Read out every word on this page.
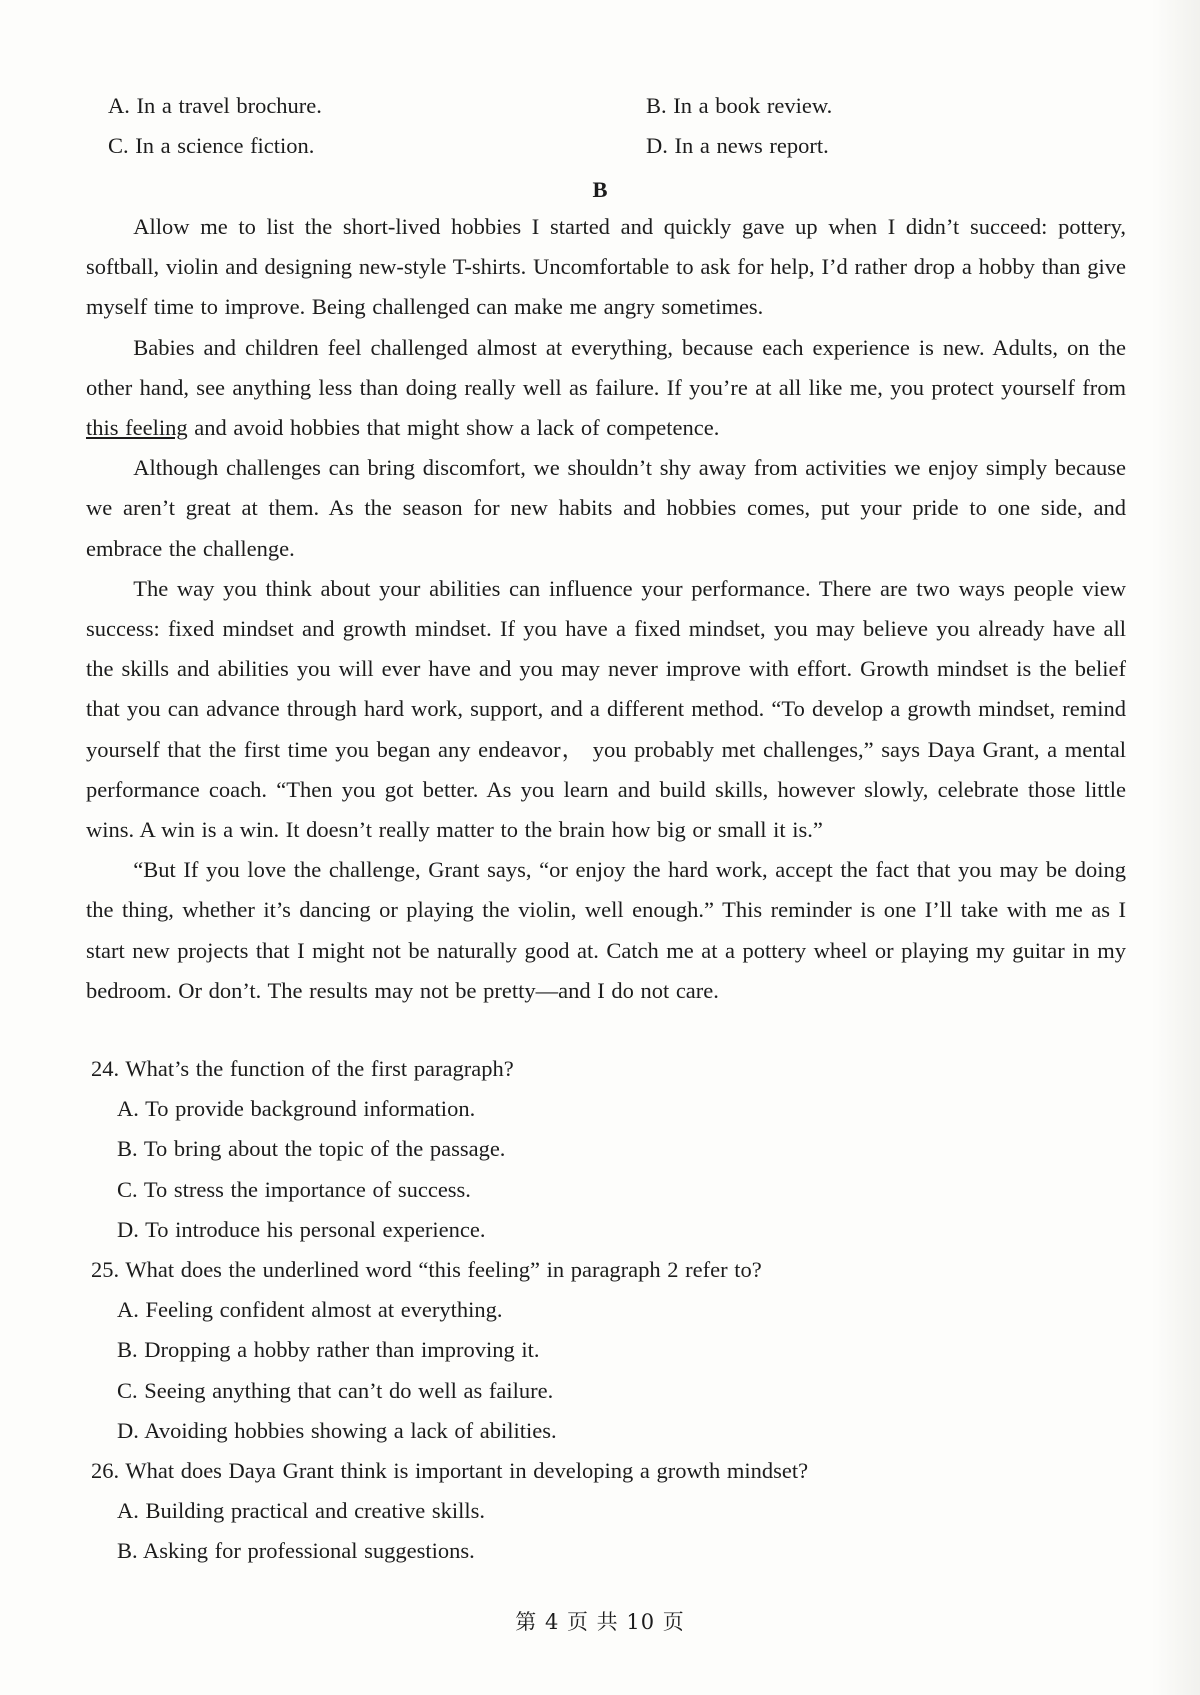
A. In a travel brochure.	B. In a book review.
C. In a science fiction.	D. In a news report.
B

Allow me to list the short-lived hobbies I started and quickly gave up when I didn’t succeed: pottery, softball, violin and designing new-style T-shirts. Uncomfortable to ask for help, I’d rather drop a hobby than give myself time to improve. Being challenged can make me angry sometimes.

Babies and children feel challenged almost at everything, because each experience is new. Adults, on the other hand, see anything less than doing really well as failure. If you’re at all like me, you protect yourself from this feeling and avoid hobbies that might show a lack of competence.

Although challenges can bring discomfort, we shouldn’t shy away from activities we enjoy simply because we aren’t great at them. As the season for new habits and hobbies comes, put your pride to one side, and embrace the challenge.

The way you think about your abilities can influence your performance. There are two ways people view success: fixed mindset and growth mindset. If you have a fixed mindset, you may believe you already have all the skills and abilities you will ever have and you may never improve with effort. Growth mindset is the belief that you can advance through hard work, support, and a different method. “To develop a growth mindset, remind yourself that the first time you began any endeavor， you probably met challenges,” says Daya Grant, a mental performance coach. “Then you got better. As you learn and build skills, however slowly, celebrate those little wins. A win is a win. It doesn’t really matter to the brain how big or small it is.”

“But If you love the challenge, Grant says, “or enjoy the hard work, accept the fact that you may be doing the thing, whether it’s dancing or playing the violin, well enough.” This reminder is one I’ll take with me as I start new projects that I might not be naturally good at. Catch me at a pottery wheel or playing my guitar in my bedroom. Or don’t. The results may not be pretty—and I do not care.

24. What’s the function of the first paragraph?

A. To provide background information.

B. To bring about the topic of the passage.

C. To stress the importance of success.

D. To introduce his personal experience.

25. What does the underlined word “this feeling” in paragraph 2 refer to?

A. Feeling confident almost at everything.

B. Dropping a hobby rather than improving it.

C. Seeing anything that can’t do well as failure.

D. Avoiding hobbies showing a lack of abilities.

26. What does Daya Grant think is important in developing a growth mindset?

A. Building practical and creative skills.

B. Asking for professional suggestions.

第 4 页 共 10 页
